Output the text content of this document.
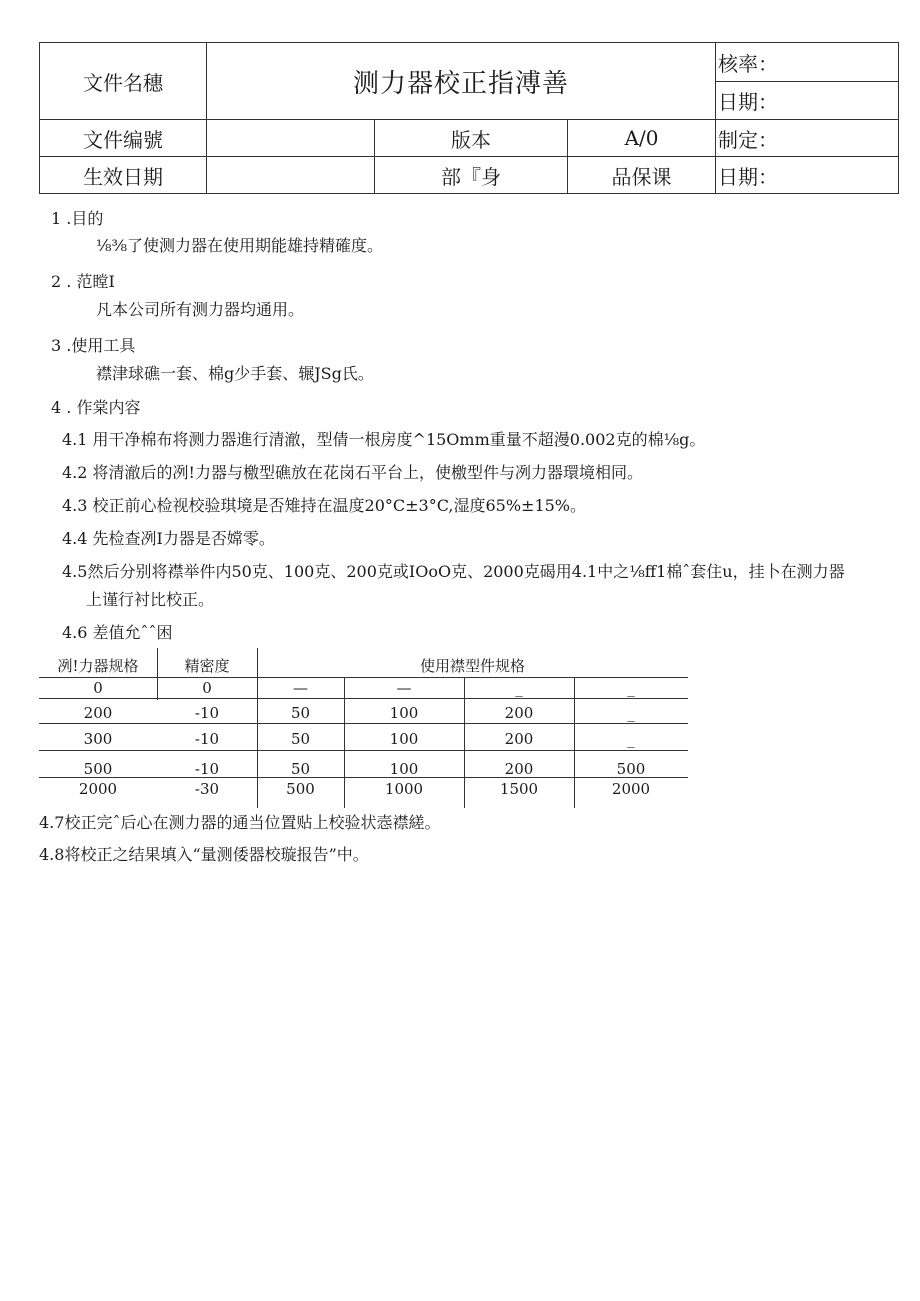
文件名穗	测力器校正指溥善			核率：
				日期：
文件编號		版本	A/0	制定：
生效日期		部『身	品保课	日期：
1 .目的
⅛⅜了使测力器在使用期能雄持精確度。
2 . 范瞠I
凡本公司所有测力器均通用。
3 .使用工具
襟津球礁一套、棉g少手套、辗JSg氏。
4 . 作棠内容
4.1 用干净棉布将测力器進行清澈，型倩一根房度^15Omm重量不超漫0.002克的棉⅛g。
4.2 将清澈后的冽!力器与檄型礁放在花岗石平台上，使檄型件与冽力器環境相同。
4.3 校正前心检视校验琪境是否雉持在温度20°C±3°C,湿度65%±15%。
4.4 先检查冽I力器是否嫦零。
4.5然后分别将襟举件内50克、100克、200克或IOoO克、2000克碣用4.1中之⅛ff1棉ˆ套住u，挂卜在测力器
上谨行衬比校正。
4.6 差值允ˆˆ困
冽!力器规格	精密度	使用襟型件规格
0	0	—	—	_	_
200	-10	50	100	200	_
300	-10	50	100	200	_
500	-10	50	100	200	500
2000	-30	500	1000	1500	2000
4.7校正完ˆ后心在测力器的通当位置贴上校验状悫襟縒。
4.8将校正之结果填入“量测倭器校璇报告”中。
